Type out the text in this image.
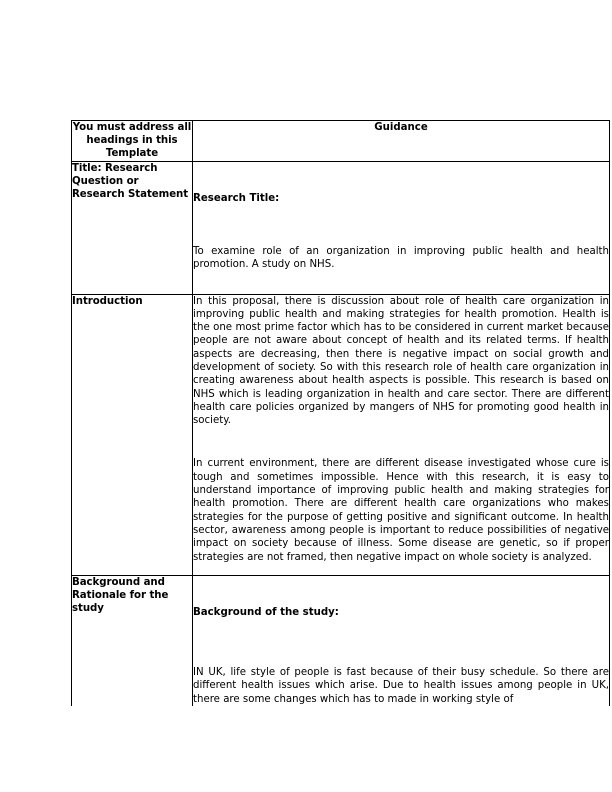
You must address all headings in this Template	Guidance
Title: Research Question or Research Statement	Research Title:

To examine role of an organization in improving public health and health promotion. A study on NHS.

Introduction	In this proposal, there is discussion about role of health care organization in improving public health and making strategies for health promotion. Health is the one most prime factor which has to be considered in current market because people are not aware about concept of health and its related terms. If health aspects are decreasing, then there is negative impact on social growth and development of society. So with this research role of health care organization in creating awareness about health aspects is possible. This research is based on NHS which is leading organization in health and care sector. There are different health care policies organized by mangers of NHS for promoting good health in society.

In current environment, there are different disease investigated whose cure is tough and sometimes impossible. Hence with this research, it is easy to understand importance of improving public health and making strategies for health promotion. There are different health care organizations who makes strategies for the purpose of getting positive and significant outcome. In health sector, awareness among people is important to reduce possibilities of negative impact on society because of illness. Some disease are genetic, so if proper strategies are not framed, then negative impact on whole society is analyzed.

Background and Rationale for the study	Background of the study:

IN UK, life style of people is fast because of their busy schedule. So there are different health issues which arise. Due to health issues among people in UK, there are some changes which has to made in working style of
